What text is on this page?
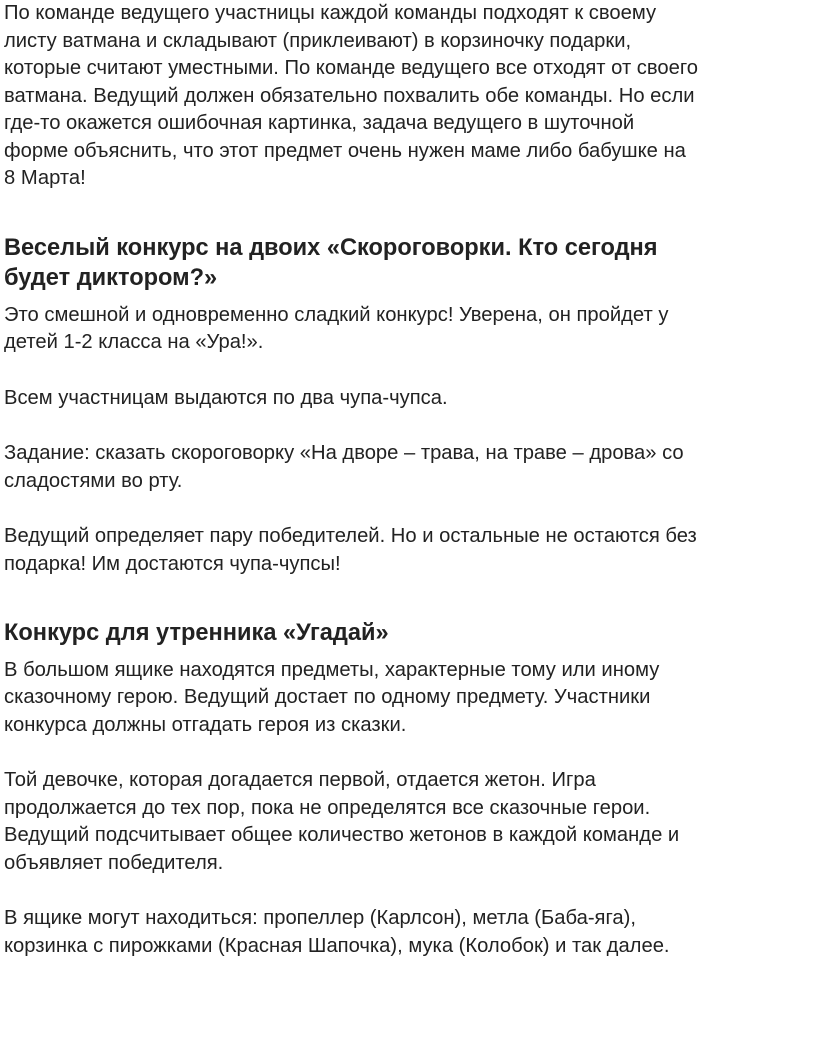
По команде ведущего участницы каждой команды подходят к своему
листу ватмана и складывают (приклеивают) в корзиночку подарки,
которые считают уместными. По команде ведущего все отходят от своего
ватмана. Ведущий должен обязательно похвалить обе команды. Но если
где-то окажется ошибочная картинка, задача ведущего в шуточной
форме объяснить, что этот предмет очень нужен маме либо бабушке на
8 Марта!

Веселый конкурс на двоих «Скороговорки. Кто сегодня
будет диктором?»

Это смешной и одновременно сладкий конкурс! Уверена, он пройдет у
детей 1-2 класса на «Ура!».

Всем участницам выдаются по два чупа-чупса.

Задание: сказать скороговорку «На дворе – трава, на траве – дрова» со
сладостями во рту.

Ведущий определяет пару победителей. Но и остальные не остаются без
подарка! Им достаются чупа-чупсы!

Конкурс для утренника «Угадай»

В большом ящике находятся предметы, характерные тому или иному
сказочному герою. Ведущий достает по одному предмету. Участники
конкурса должны отгадать героя из сказки.

Той девочке, которая догадается первой, отдается жетон. Игра
продолжается до тех пор, пока не определятся все сказочные герои.
Ведущий подсчитывает общее количество жетонов в каждой команде и
объявляет победителя.

В ящике могут находиться: пропеллер (Карлсон), метла (Баба-яга),
корзинка с пирожками (Красная Шапочка), мука (Колобок) и так далее.
